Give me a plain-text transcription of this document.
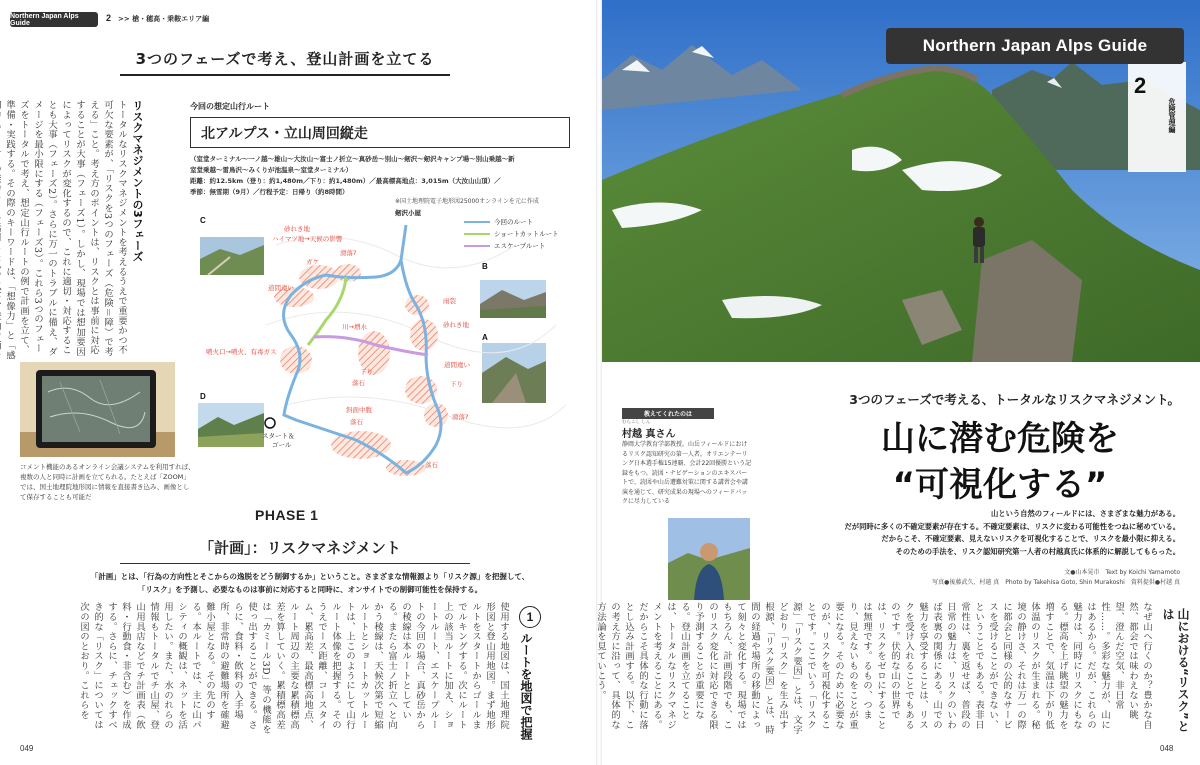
Northern Japan Alps Guide	2 >> 槍・穂高・乗鞍エリア編
3つのフェーズで考え、登山計画を立てる
リスクマネジメントの3フェーズ
トータルなリスクマネジメントを考えるうえで重要かつ不可欠な要素が、「リスクを3つのフェーズ（危険＝障）で考える」こと。考え方のポイントは、リスクとは事前に対応することが大事（フェーズ1）。しかし、現場では想加要因によってリスクが変化するので、これに適切・対応することも大事（フェーズ2）。さらに万一のトラブルに備え、ダメージを最小限にする（フェーズ3）。これら3つのフェーズをトータルで考え、想定山行ルートの例で計画を立て、準備・実践する。その際のキーワードは、「想像力」と「感
コメント機能のあるオンライン会議システムを利用すれば、複数の人と同時に計画を立てられる。たとえば「ZOOM」では、国土地理院地形図に情報を直接書き込み、画像として保存することも可能だ
今回の想定山行ルート
北アルプス・立山周回縦走
（室堂ターミナル～一ノ越～雄山～大汝山～富士ノ折立～真砂岳～別山～剱沢～剱沢キャンプ場～別山乗越～新
室堂乗越～雷鳥沢～みくりが池温泉～室堂ターミナル）
距離：約12.5km（登り：約1,480m／下り：約1,480m）／最高標高地点：3,015m（大汝山山頂）／
季節：無雪期（9月）／行程予定：日帰り（約8時間）
※国土地理院電子地形図25000オンラインを元に作成
C
B
A
D
剱沢小屋
砂れき地
ハイマツ地→天候の影響
ガケ
滑落?
道間違い
川→増水	砂れき地
雨裂
噴火口→噴火、有毒ガス
道間違い
下り
落石	下り
斜面中腹
落石
滑落?
落石
スタート＆
ゴール
今回のルート
ショートカットルート
エスケープルート
PHASE 1
「計画」：リスクマネジメント
「計画」とは、「行為の方向性とそこからの逸脱をどう制御するか」ということ。さまざまな情報源より「リスク源」を把握して、
「リスク」を予測し、必要なものは事前に対応すると同時に、オンサイトでの制御可能性を保持する。
1
ルートを地図で把握
使用する地図は、国土地理院形図と登山用地図。まず地形ルトをスタートからゴールまでルキングする。次にルート上の該当ルートに加え、ショートルート、エスケープルートの今回の場合、真砂岳からの稜線は本ルートとしている。またら富士ノ折立へと向かう稜線は、天候次第で短縮ルートとショートカットルートは、上このようにして山行ルート体像を把握する。そのうえでース距離、コースタイム、累高差、最高標高地点、ルート周辺の主要な累積標高差を算していく。累積標高差は「カミール3D」等の機能を使っ出することができる。さらに、食料・飲料の入手場所、非常時の避難場所を確避難小屋となる。その先のする。本ルートでは、主に山パシティの概観は、ネットを活用したい。また、水のれらの情報もトータルでチ山屋、登山用具店などでチ計画表（飲料・行動食・非含む）を作成する。さらに、チェックすべき的な「リスク」については次の図のとおり。これらを
049
Northern Japan Alps Guide
2
危険管理編
3つのフェーズで考える、トータルなリスクマネジメント。
山に潜む危険を
“可視化する”
教えてくれたのは
むらこし しん
村越 真さん
静岡大学教育学部教授。山岳フィールドにおけるリスク認知研究の第一人者。オリエンテーリング日本選手権15連覇、会計22回優勝という記録をもつ。読図・ナビゲーションのエキスパートで、読図や山岳遭難対策に関する講習会や講演を通じて、研究成果の現場へのフィードバックに尽力している
山という自然のフィールドには、さまざまな魅力がある。
だが同時に多くの不確定要素が存在する。不確定要素は、リスクに変わる可能性をつねに秘めている。
だからこそ、不確定要素、見えないリスクを可視化することで、リスクを最小限に抑える。
そのための手法を、リスク認知研究第一人者の村越真氏に体系的に解説してもらった。
文●山本晃市　Text by Koichi Yamamoto
写真●後藤武久、村越 真　Photo by Takehisa Goto, Shin Murakoshi　資料提供●村越 真
山における“リスク”とは
なぜ山へ行くのか？豊かな自然、都会では味わえない眺望、澄んだ空気、非日常性……。多彩な魅力が、山にはあるから。だが、これらの魅力は、同時にリスクにもなる。標高を上げ眺望の魅力を増すことで、気温は下がり低体温のリスクが生まれる。秘境の静けさ、それは万一の際に都会と同様の公的なサービスを受けることができない、ということでもある。表非日常性は、裏を返せば、普段の日常の魅力は、リスクのいわば表裏の関係にある。山での魅力を享受することは、リスクを受け入れることでもあるのです。伏的な山の世界では、リスクをゼロにすることは無理です。るもの、つまり、見えないものをことが重要になる。そのために必要なのが、リスクを可視化することです。ここでいう「リスク源」「リスク要因」とは、文字どおり「リスク」を生み出す根源、「リスク要因」とは、時間の経過や場所の移動によって刻々と変化する。現場ではもちろん、計画段階でも、このリスク変化に対応できる限り予測することが重要になる。登山計画を立てることは、トータルなリスクマネジメントを考えることにある。だからこそ具体的な行動に落とし込み計画する。以下、この考え方に沿って、具体的な方法論を見ていこう。
048
